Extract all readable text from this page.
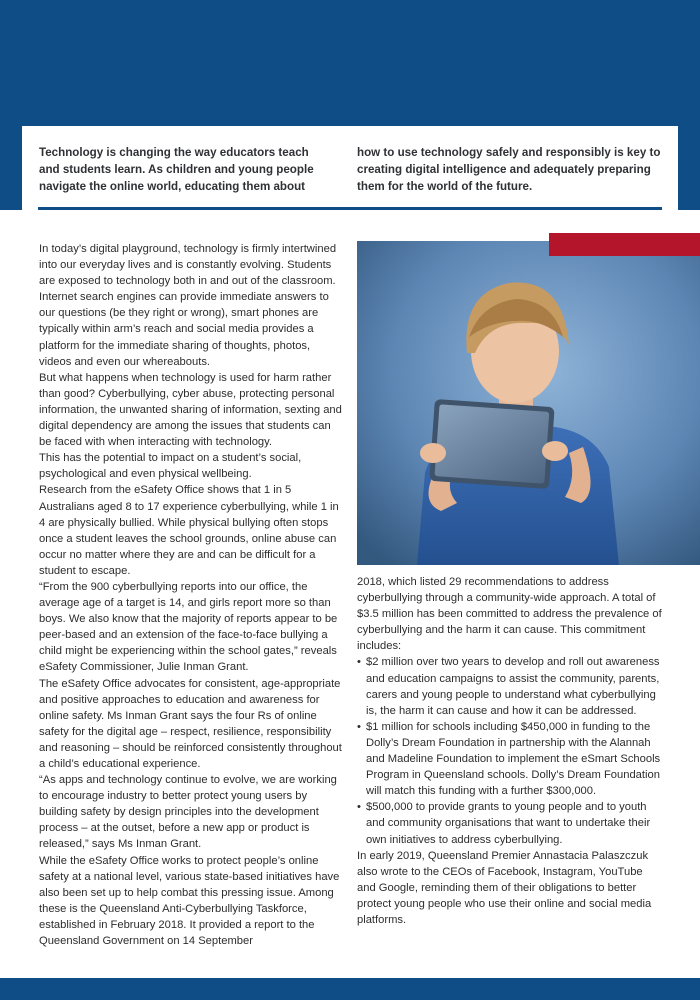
Technology is changing the way educators teach and students learn. As children and young people navigate the online world, educating them about
how to use technology safely and responsibly is key to creating digital intelligence and adequately preparing them for the world of the future.

In today’s digital playground, technology is firmly intertwined into our everyday lives and is constantly evolving. Students are exposed to technology both in and out of the classroom.

Internet search engines can provide immediate answers to our questions (be they right or wrong), smart phones are typically within arm’s reach and social media provides a platform for the immediate sharing of thoughts, photos, videos and even our whereabouts.

But what happens when technology is used for harm rather than good? Cyberbullying, cyber abuse, protecting personal information, the unwanted sharing of information, sexting and digital dependency are among the issues that students can be faced with when interacting with technology.

This has the potential to impact on a student’s social, psychological and even physical wellbeing.

Research from the eSafety Office shows that 1 in 5 Australians aged 8 to 17 experience cyberbullying, while 1 in 4 are physically bullied. While physical bullying often stops once a student leaves the school grounds, online abuse can occur no matter where they are and can be difficult for a student to escape.

“From the 900 cyberbullying reports into our office, the average age of a target is 14, and girls report more so than boys. We also know that the majority of reports appear to be peer-based and an extension of the face-to-face bullying a child might be experiencing within the school gates,” reveals eSafety Commissioner, Julie Inman Grant.

The eSafety Office advocates for consistent, age-appropriate and positive approaches to education and awareness for online safety. Ms Inman Grant says the four Rs of online safety for the digital age – respect, resilience, responsibility and reasoning – should be reinforced consistently throughout a child’s educational experience.

“As apps and technology continue to evolve, we are working to encourage industry to better protect young users by building safety by design principles into the development process – at the outset, before a new app or product is released,” says Ms Inman Grant.

While the eSafety Office works to protect people’s online safety at a national level, various state-based initiatives have also been set up to help combat this pressing issue. Among these is the Queensland Anti-Cyberbullying Taskforce, established in February 2018. It provided a report to the Queensland Government on 14 September

2018, which listed 29 recommendations to address cyberbullying through a community-wide approach. A total of $3.5 million has been committed to address the prevalence of cyberbullying and the harm it can cause. This commitment includes:

• $2 million over two years to develop and roll out awareness and education campaigns to assist the community, parents, carers and young people to understand what cyberbullying is, the harm it can cause and how it can be addressed.
• $1 million for schools including $450,000 in funding to the Dolly’s Dream Foundation in partnership with the Alannah and Madeline Foundation to implement the eSmart Schools Program in Queensland schools. Dolly’s Dream Foundation will match this funding with a further $300,000.
• $500,000 to provide grants to young people and to youth and community organisations that want to undertake their own initiatives to address cyberbullying.

In early 2019, Queensland Premier Annastacia Palaszczuk also wrote to the CEOs of Facebook, Instagram, YouTube and Google, reminding them of their obligations to better protect young people who use their online and social media platforms.
